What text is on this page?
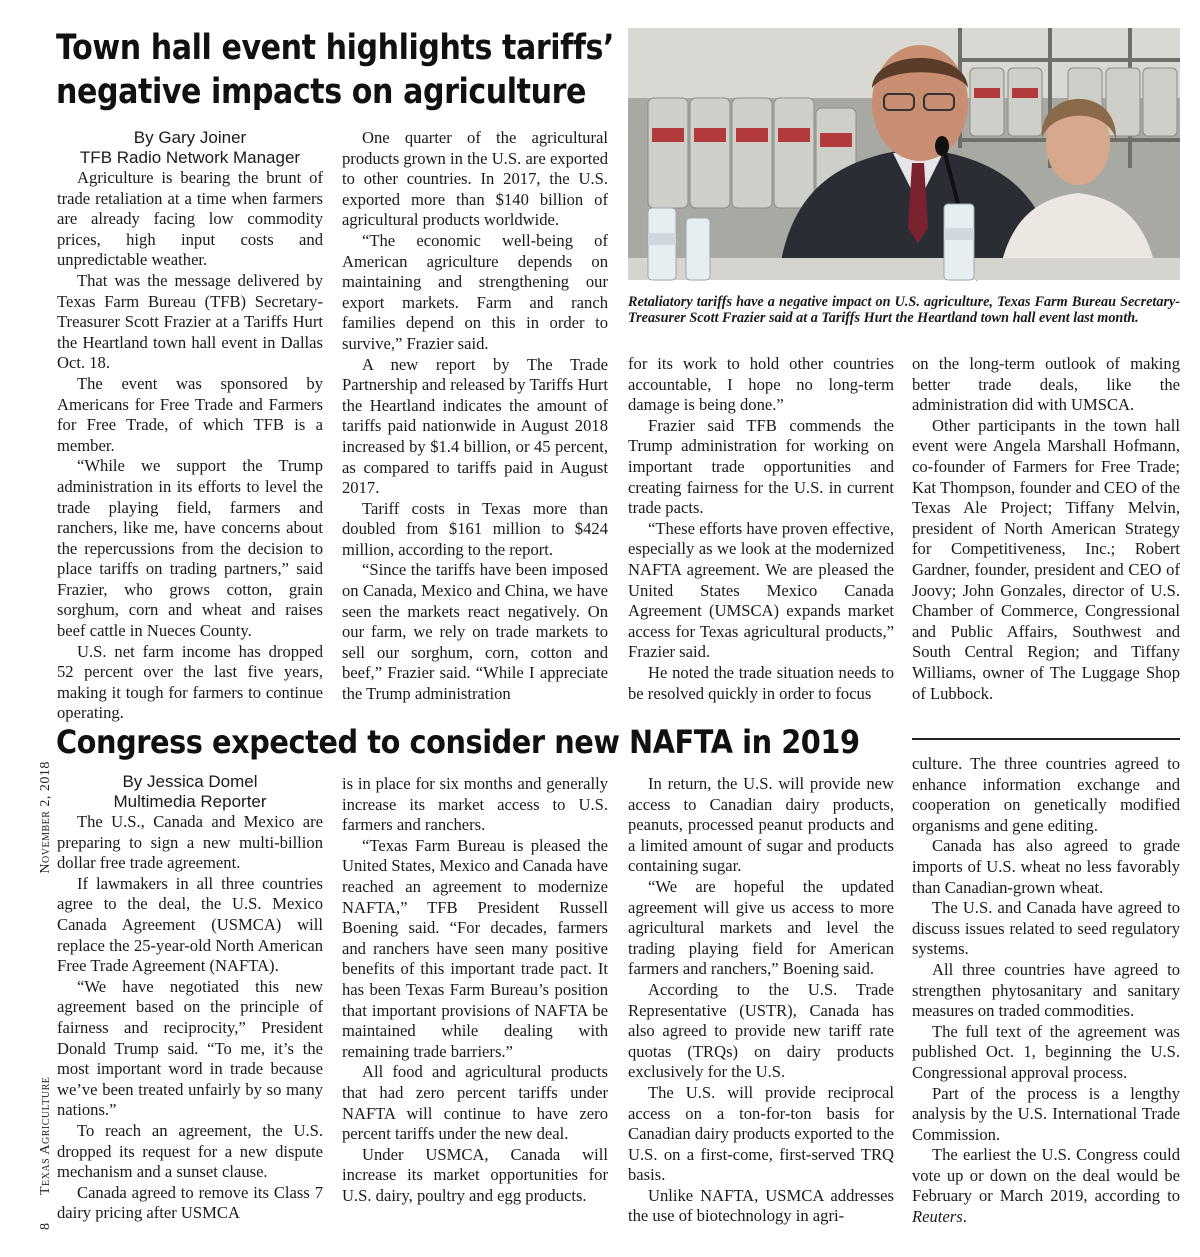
Town hall event highlights tariffs’
negative impacts on agriculture
By Gary Joiner
TFB Radio Network Manager

Agriculture is bearing the brunt of trade retaliation at a time when farmers are already facing low commodity prices, high input costs and unpredictable weather.

That was the message delivered by Texas Farm Bureau (TFB) Secretary-Treasurer Scott Frazier at a Tariffs Hurt the Heartland town hall event in Dallas Oct. 18.

The event was sponsored by Americans for Free Trade and Farmers for Free Trade, of which TFB is a member.

“While we support the Trump administration in its efforts to level the trade playing field, farmers and ranchers, like me, have concerns about the repercussions from the decision to place tariffs on trading partners,” said Frazier, who grows cotton, grain sorghum, corn and wheat and raises beef cattle in Nueces County.

U.S. net farm income has dropped 52 percent over the last five years, making it tough for farmers to continue operating.

One quarter of the agricultural products grown in the U.S. are exported to other countries. In 2017, the U.S. exported more than $140 billion of agricultural products worldwide.

“The economic well-being of American agriculture depends on maintaining and strengthening our export markets. Farm and ranch families depend on this in order to survive,” Frazier said.

A new report by The Trade Partnership and released by Tariffs Hurt the Heartland indicates the amount of tariffs paid nationwide in August 2018 increased by $1.4 billion, or 45 percent, as compared to tariffs paid in August 2017.

Tariff costs in Texas more than doubled from $161 million to $424 million, according to the report.

“Since the tariffs have been imposed on Canada, Mexico and China, we have seen the markets react negatively. On our farm, we rely on trade markets to sell our sorghum, corn, cotton and beef,” Frazier said. “While I appreciate the Trump administration

Retaliatory tariffs have a negative impact on U.S. agriculture, Texas Farm Bureau Secretary-Treasurer Scott Frazier said at a Tariffs Hurt the Heartland town hall event last month.

for its work to hold other countries accountable, I hope no long-term damage is being done.”

Frazier said TFB commends the Trump administration for working on important trade opportunities and creating fairness for the U.S. in current trade pacts.

“These efforts have proven effective, especially as we look at the modernized NAFTA agreement. We are pleased the United States Mexico Canada Agreement (UMSCA) expands market access for Texas agricultural products,” Frazier said.

He noted the trade situation needs to be resolved quickly in order to focus

on the long-term outlook of making better trade deals, like the administration did with UMSCA.

Other participants in the town hall event were Angela Marshall Hofmann, co-founder of Farmers for Free Trade; Kat Thompson, founder and CEO of the Texas Ale Project; Tiffany Melvin, president of North American Strategy for Competitiveness, Inc.; Robert Gardner, founder, president and CEO of Joovy; John Gonzales, director of U.S. Chamber of Commerce, Congressional and Public Affairs, Southwest and South Central Region; and Tiffany Williams, owner of The Luggage Shop of Lubbock.

Congress expected to consider new NAFTA in 2019
By Jessica Domel
Multimedia Reporter

The U.S., Canada and Mexico are preparing to sign a new multi-billion dollar free trade agreement.

If lawmakers in all three countries agree to the deal, the U.S. Mexico Canada Agreement (USMCA) will replace the 25-year-old North American Free Trade Agreement (NAFTA).

“We have negotiated this new agreement based on the principle of fairness and reciprocity,” President Donald Trump said. “To me, it’s the most important word in trade because we’ve been treated unfairly by so many nations.”

To reach an agreement, the U.S. dropped its request for a new dispute mechanism and a sunset clause.

Canada agreed to remove its Class 7 dairy pricing after USMCA

is in place for six months and generally increase its market access to U.S. farmers and ranchers.

“Texas Farm Bureau is pleased the United States, Mexico and Canada have reached an agreement to modernize NAFTA,” TFB President Russell Boening said. “For decades, farmers and ranchers have seen many positive benefits of this important trade pact. It has been Texas Farm Bureau’s position that important provisions of NAFTA be maintained while dealing with remaining trade barriers.”

All food and agricultural products that had zero percent tariffs under NAFTA will continue to have zero percent tariffs under the new deal.

Under USMCA, Canada will increase its market opportunities for U.S. dairy, poultry and egg products.

In return, the U.S. will provide new access to Canadian dairy products, peanuts, processed peanut products and a limited amount of sugar and products containing sugar.

“We are hopeful the updated agreement will give us access to more agricultural markets and level the trading playing field for American farmers and ranchers,” Boening said.

According to the U.S. Trade Representative (USTR), Canada has also agreed to provide new tariff rate quotas (TRQs) on dairy products exclusively for the U.S.

The U.S. will provide reciprocal access on a ton-for-ton basis for Canadian dairy products exported to the U.S. on a first-come, first-served TRQ basis.

Unlike NAFTA, USMCA addresses the use of biotechnology in agri-

culture. The three countries agreed to enhance information exchange and cooperation on genetically modified organisms and gene editing.

Canada has also agreed to grade imports of U.S. wheat no less favorably than Canadian-grown wheat.

The U.S. and Canada have agreed to discuss issues related to seed regulatory systems.

All three countries have agreed to strengthen phytosanitary and sanitary measures on traded commodities.

The full text of the agreement was published Oct. 1, beginning the U.S. Congressional approval process.

Part of the process is a lengthy analysis by the U.S. International Trade Commission.

The earliest the U.S. Congress could vote up or down on the deal would be February or March 2019, according to Reuters.

8        Texas Agriculture                                                          November 2, 2018
